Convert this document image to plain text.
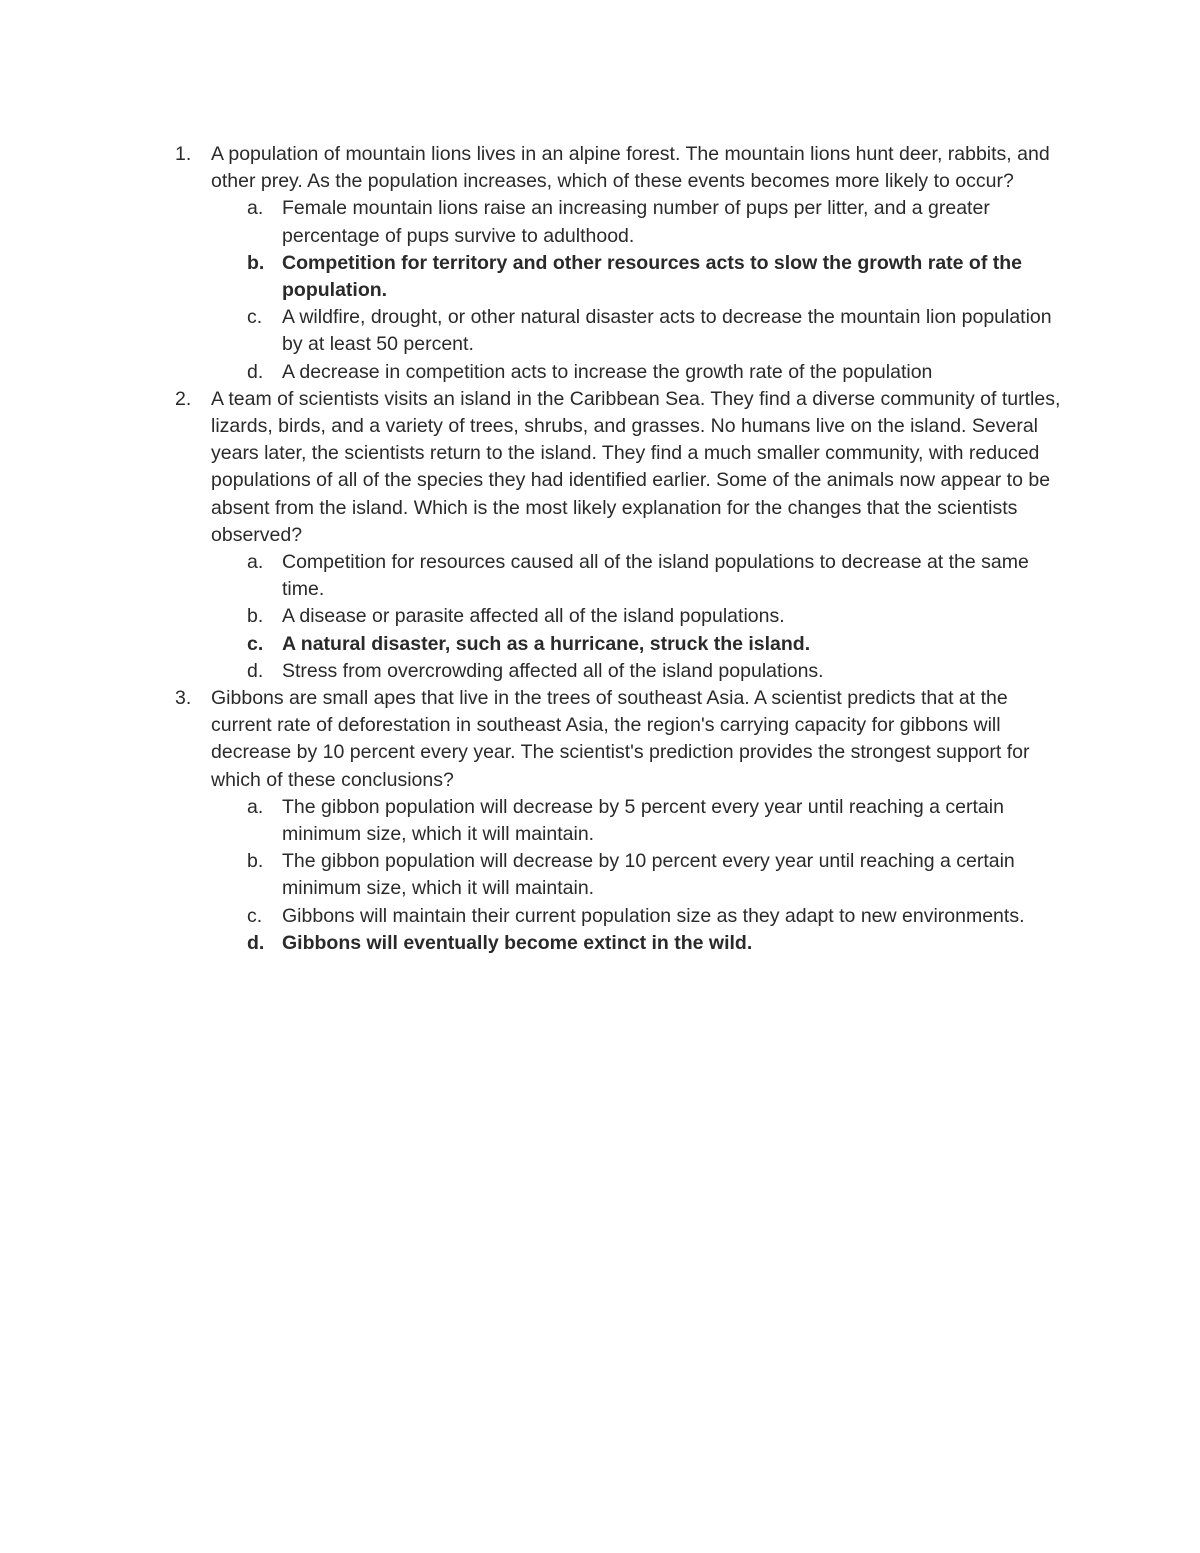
1. A population of mountain lions lives in an alpine forest. The mountain lions hunt deer, rabbits, and other prey. As the population increases, which of these events becomes more likely to occur?
a. Female mountain lions raise an increasing number of pups per litter, and a greater percentage of pups survive to adulthood.
b. Competition for territory and other resources acts to slow the growth rate of the population.
c. A wildfire, drought, or other natural disaster acts to decrease the mountain lion population by at least 50 percent.
d. A decrease in competition acts to increase the growth rate of the population
2. A team of scientists visits an island in the Caribbean Sea. They find a diverse community of turtles, lizards, birds, and a variety of trees, shrubs, and grasses. No humans live on the island. Several years later, the scientists return to the island. They find a much smaller community, with reduced populations of all of the species they had identified earlier. Some of the animals now appear to be absent from the island. Which is the most likely explanation for the changes that the scientists observed?
a. Competition for resources caused all of the island populations to decrease at the same time.
b. A disease or parasite affected all of the island populations.
c. A natural disaster, such as a hurricane, struck the island.
d. Stress from overcrowding affected all of the island populations.
3. Gibbons are small apes that live in the trees of southeast Asia. A scientist predicts that at the current rate of deforestation in southeast Asia, the region's carrying capacity for gibbons will decrease by 10 percent every year. The scientist's prediction provides the strongest support for which of these conclusions?
a. The gibbon population will decrease by 5 percent every year until reaching a certain minimum size, which it will maintain.
b. The gibbon population will decrease by 10 percent every year until reaching a certain minimum size, which it will maintain.
c. Gibbons will maintain their current population size as they adapt to new environments.
d. Gibbons will eventually become extinct in the wild.
